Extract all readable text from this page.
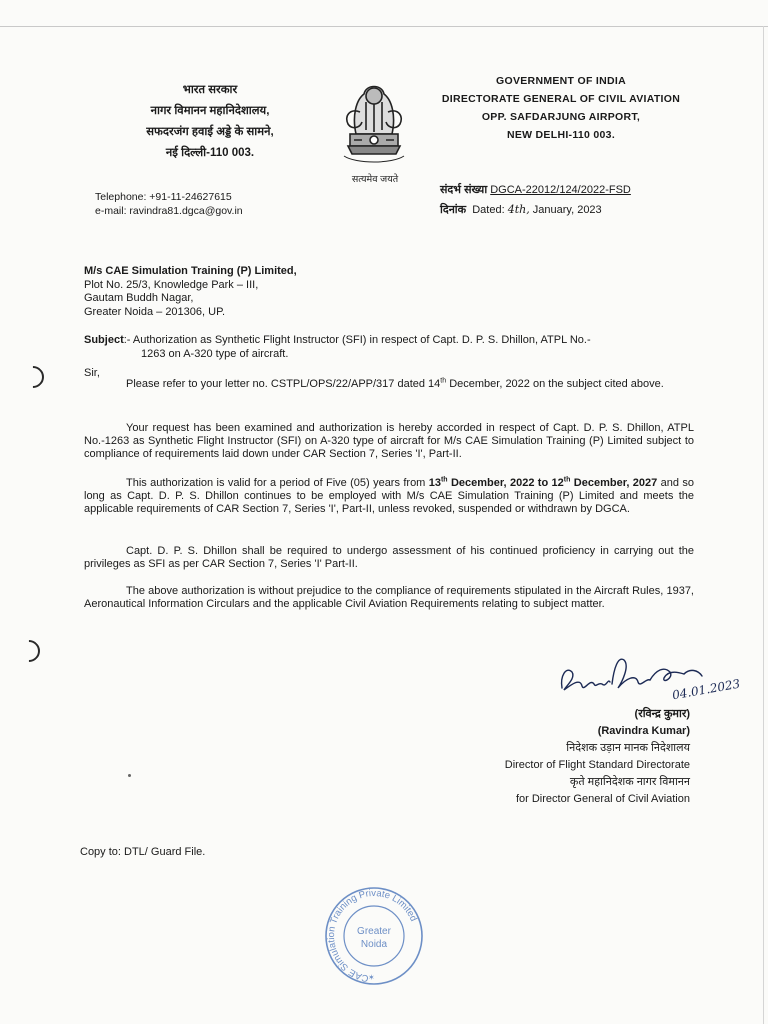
भारत सरकार
नागर विमानन महानिदेशालय,
सफदरजंग हवाई अड्डे के सामने,
नई दिल्ली-110 003.
सत्यमेव जयते
GOVERNMENT OF INDIA
DIRECTORATE GENERAL OF CIVIL AVIATION
OPP. SAFDARJUNG AIRPORT,
NEW DELHI-110 003.
Telephone: +91-11-24627615
e-mail: ravindra81.dgca@gov.in
संदर्भ संख्या DGCA-22012/124/2022-FSD
दिनांक Dated: 4th, January, 2023
M/s CAE Simulation Training (P) Limited,
Plot No. 25/3, Knowledge Park – III,
Gautam Buddh Nagar,
Greater Noida – 201306, UP.
Subject:- Authorization as Synthetic Flight Instructor (SFI) in respect of Capt. D. P. S. Dhillon, ATPL No.-
1263 on A-320 type of aircraft.
Sir,

Please refer to your letter no. CSTPL/OPS/22/APP/317 dated 14th December, 2022 on the subject cited above.

Your request has been examined and authorization is hereby accorded in respect of Capt. D. P. S. Dhillon, ATPL No.-1263 as Synthetic Flight Instructor (SFI) on A-320 type of aircraft for M/s CAE Simulation Training (P) Limited subject to compliance of requirements laid down under CAR Section 7, Series 'I', Part-II.

This authorization is valid for a period of Five (05) years from 13th December, 2022 to 12th December, 2027 and so long as Capt. D. P. S. Dhillon continues to be employed with M/s CAE Simulation Training (P) Limited and meets the applicable requirements of CAR Section 7, Series 'I', Part-II, unless revoked, suspended or withdrawn by DGCA.

Capt. D. P. S. Dhillon shall be required to undergo assessment of his continued proficiency in carrying out the privileges as SFI as per CAR Section 7, Series 'I' Part-II.

The above authorization is without prejudice to the compliance of requirements stipulated in the Aircraft Rules, 1937, Aeronautical Information Circulars and the applicable Civil Aviation Requirements relating to subject matter.

04.01.2023
(रविन्द्र कुमार)
(Ravindra Kumar)
निदेशक उड़ान मानक निदेशालय
Director of Flight Standard Directorate
कृते महानिदेशक नागर विमानन
for Director General of Civil Aviation
Copy to: DTL/ Guard File.
CAE Simulation Training Private Limited
Greater
Noida
✶
